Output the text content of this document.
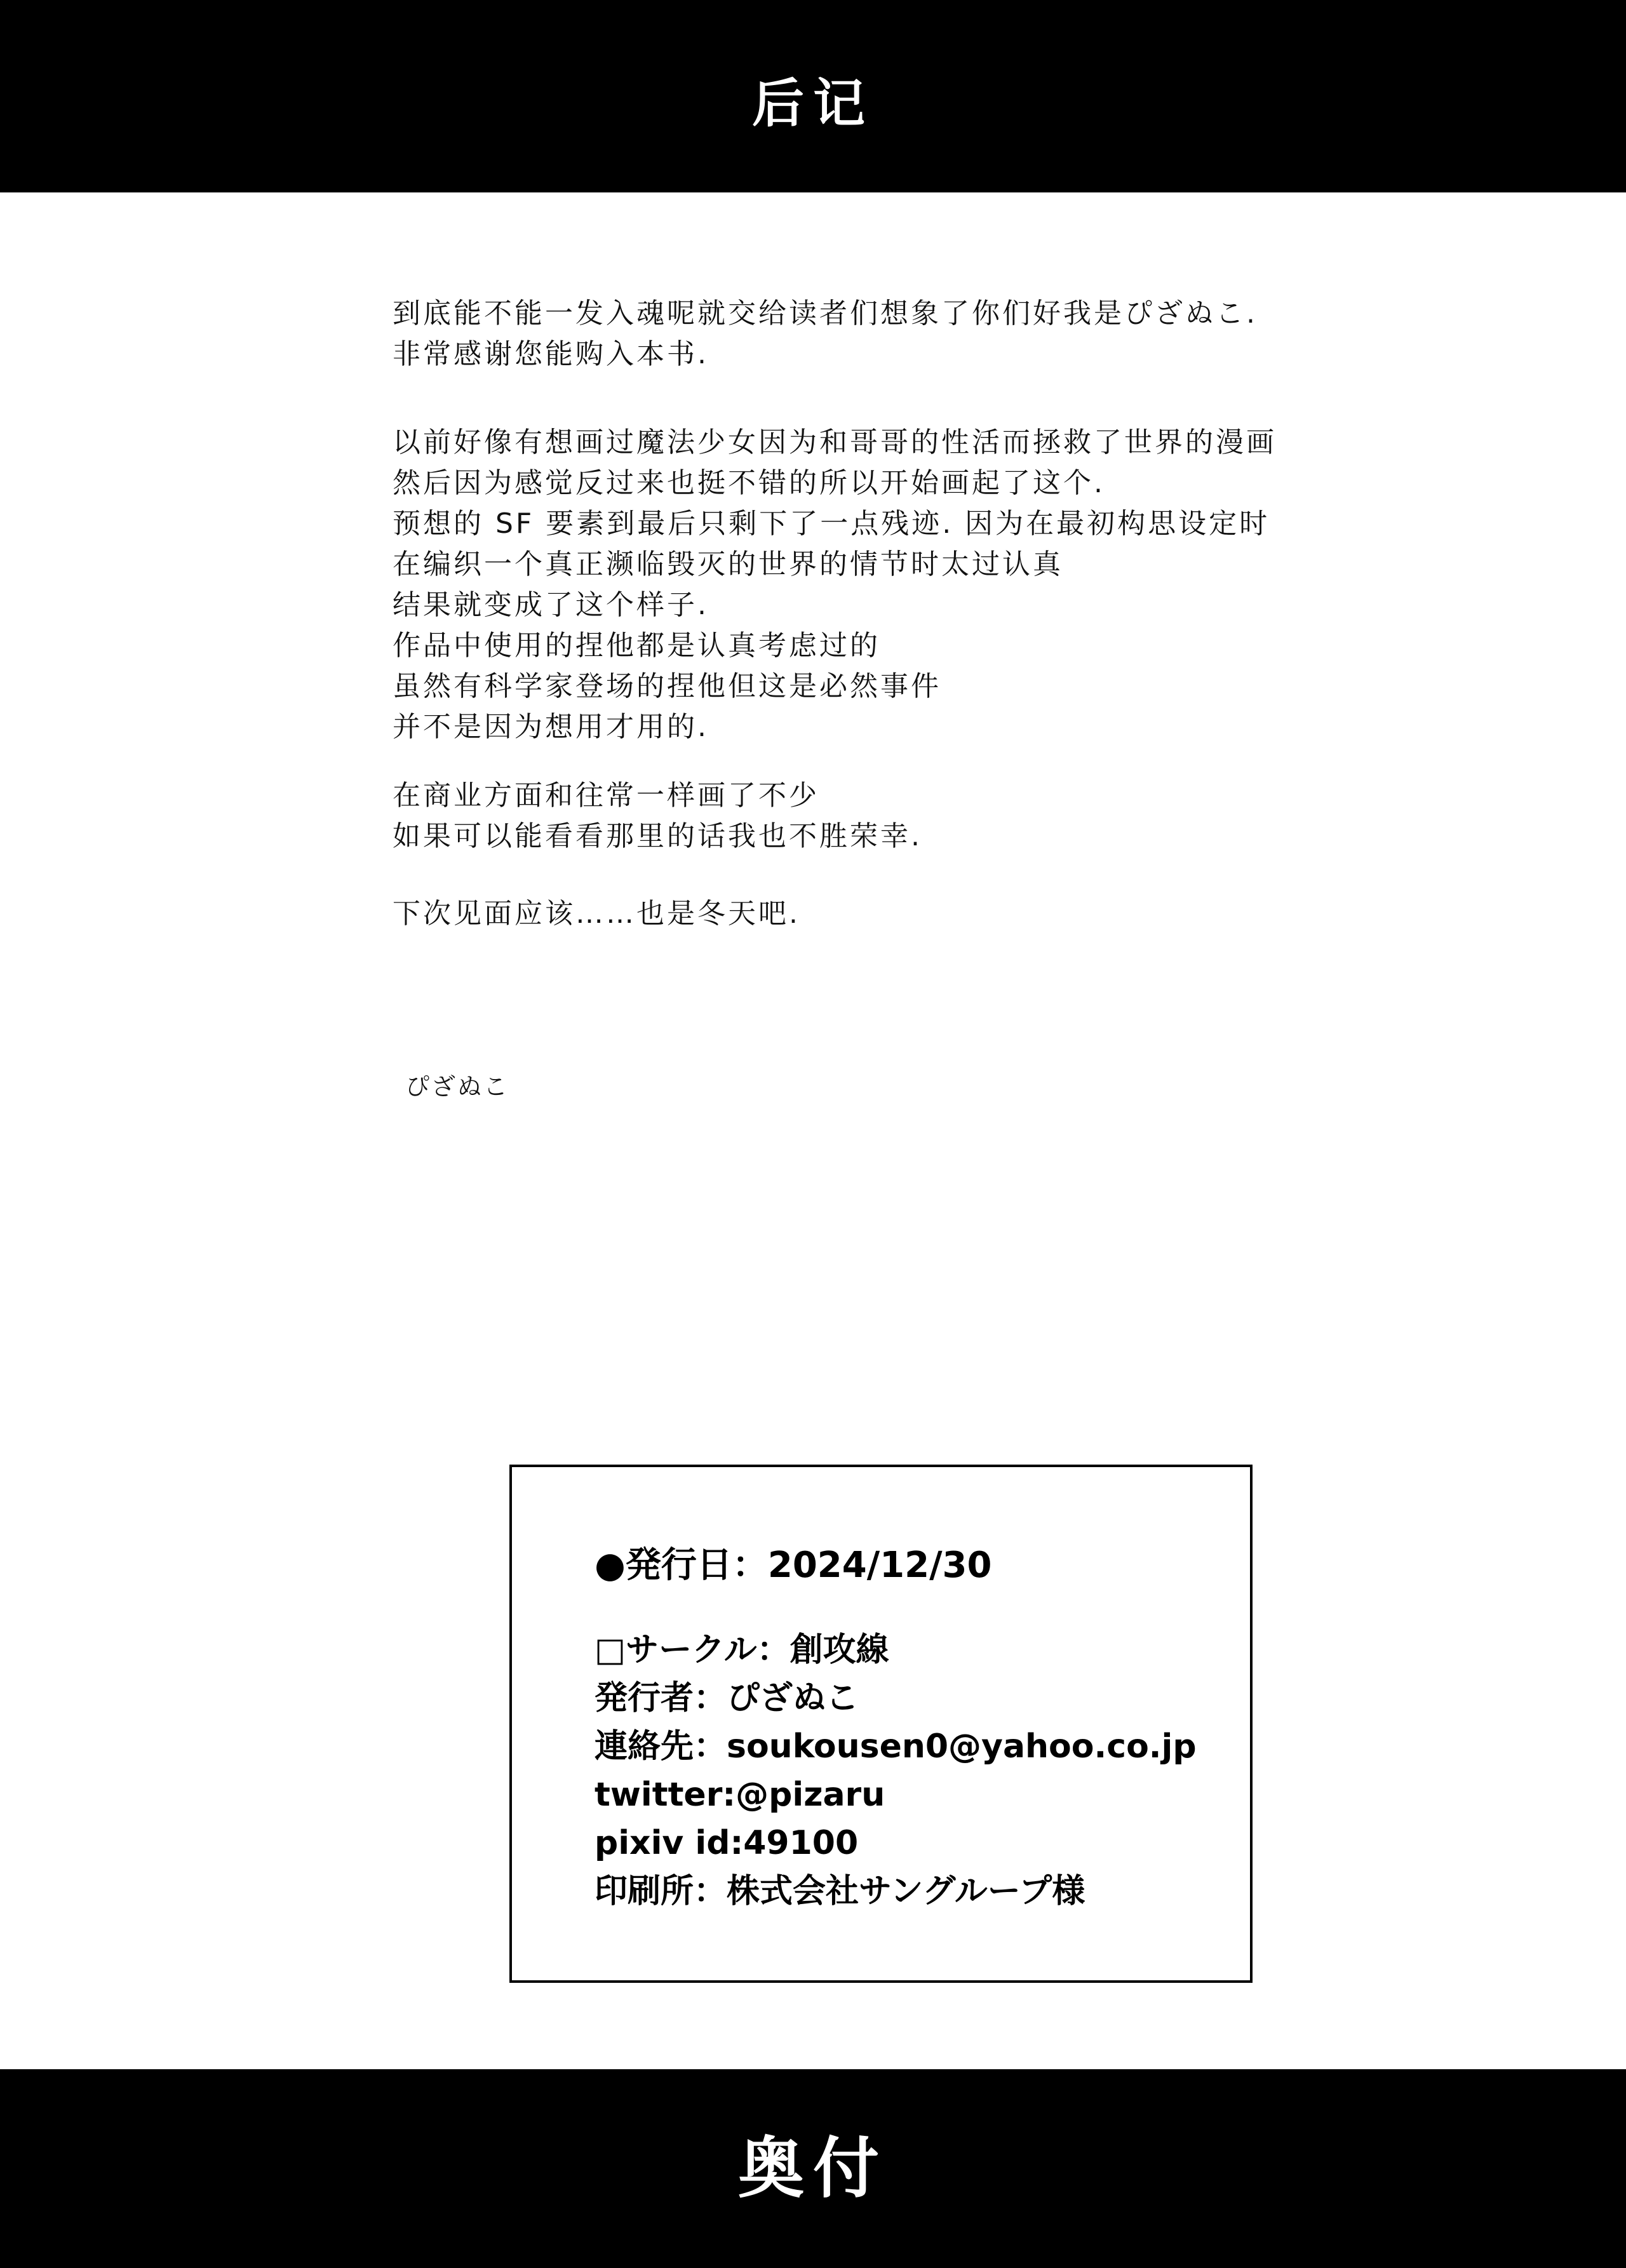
后记
到底能不能一发入魂呢就交给读者们想象了你们好我是ぴざぬこ.
非常感谢您能购入本书.
以前好像有想画过魔法少女因为和哥哥的性活而拯救了世界的漫画
然后因为感觉反过来也挺不错的所以开始画起了这个.
预想的 SF 要素到最后只剩下了一点残迹. 因为在最初构思设定时
在编织一个真正濒临毁灭的世界的情节时太过认真
结果就变成了这个样子.
作品中使用的捏他都是认真考虑过的
虽然有科学家登场的捏他但这是必然事件
并不是因为想用才用的.
在商业方面和往常一样画了不少
如果可以能看看那里的话我也不胜荣幸.
下次见面应该……也是冬天吧.
ぴざぬこ
●発行日：2024/12/30
□サークル：創攻線
発行者：ぴざぬこ
連絡先：soukousen0@yahoo.co.jp
twitter:@pizaru
pixiv id:49100
印刷所：株式会社サングループ様
奥付
